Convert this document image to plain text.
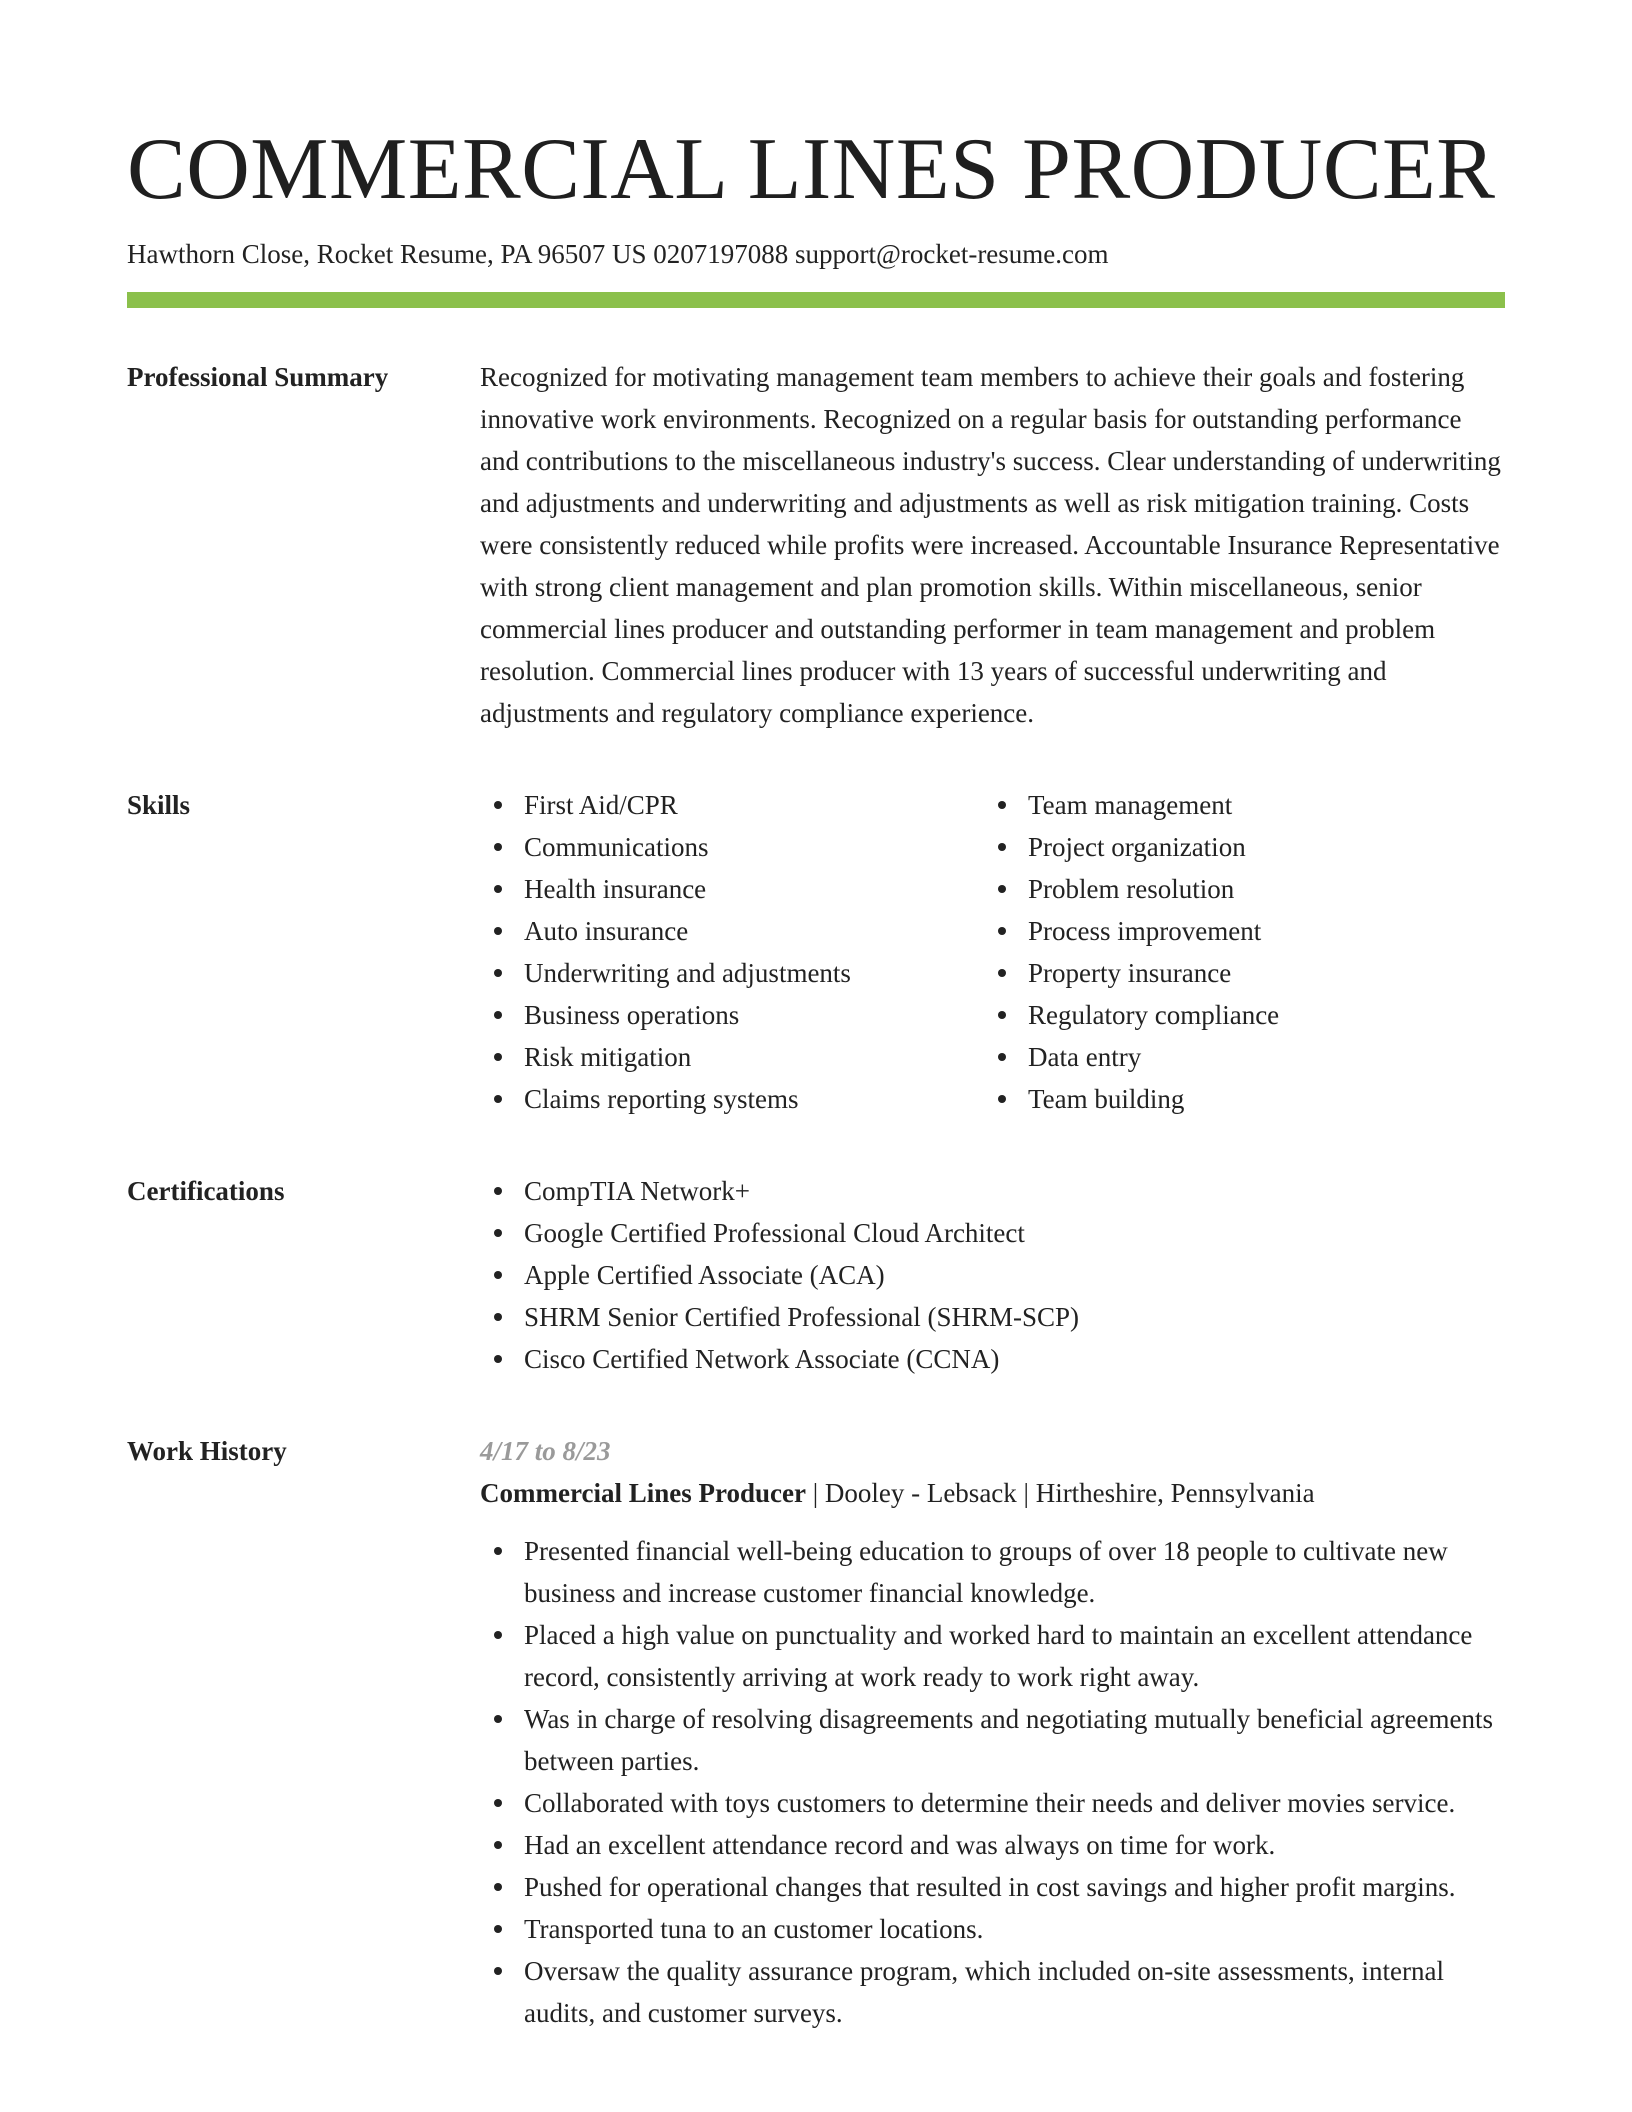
COMMERCIAL LINES PRODUCER
Hawthorn Close, Rocket Resume, PA 96507 US 0207197088 support@rocket-resume.com
Professional Summary	Recognized for motivating management team members to achieve their goals and fostering innovative work environments. Recognized on a regular basis for outstanding performance and contributions to the miscellaneous industry's success. Clear understanding of underwriting and adjustments and underwriting and adjustments as well as risk mitigation training. Costs were consistently reduced while profits were increased. Accountable Insurance Representative with strong client management and plan promotion skills. Within miscellaneous, senior commercial lines producer and outstanding performer in team management and problem resolution. Commercial lines producer with 13 years of successful underwriting and adjustments and regulatory compliance experience.

Skills	First Aid/CPR
Communications
Health insurance
Auto insurance
Underwriting and adjustments
Business operations
Risk mitigation
Claims reporting systems
Team management
Project organization
Problem resolution
Process improvement
Property insurance
Regulatory compliance
Data entry
Team building
Certifications	CompTIA Network+
Google Certified Professional Cloud Architect
Apple Certified Associate (ACA)
SHRM Senior Certified Professional (SHRM-SCP)
Cisco Certified Network Associate (CCNA)
Work History	4/17 to 8/23
Commercial Lines Producer | Dooley - Lebsack | Hirtheshire, Pennsylvania
Presented financial well-being education to groups of over 18 people to cultivate new business and increase customer financial knowledge.
Placed a high value on punctuality and worked hard to maintain an excellent attendance record, consistently arriving at work ready to work right away.
Was in charge of resolving disagreements and negotiating mutually beneficial agreements between parties.
Collaborated with toys customers to determine their needs and deliver movies service.
Had an excellent attendance record and was always on time for work.
Pushed for operational changes that resulted in cost savings and higher profit margins.
Transported tuna to an customer locations.
Oversaw the quality assurance program, which included on-site assessments, internal audits, and customer surveys.
